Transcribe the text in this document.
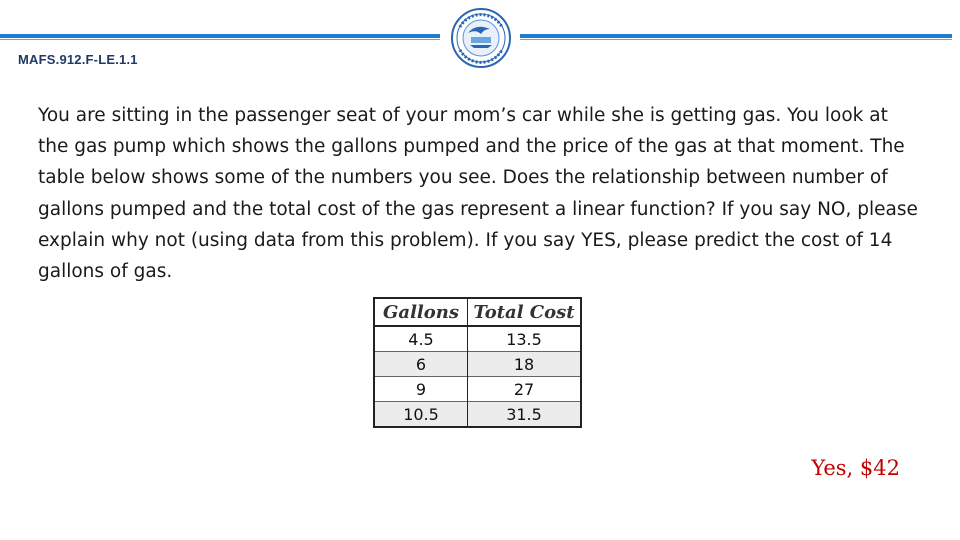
MAFS.912.F-LE.1.1
You are sitting in the passenger seat of your mom’s car while she is getting gas. You look at the gas pump which shows the gallons pumped and the price of the gas at that moment. The table below shows some of the numbers you see. Does the relationship between number of gallons pumped and the total cost of the gas represent a linear function? If you say NO, please explain why not (using data from this problem). If you say YES, please predict the cost of 14 gallons of gas.
Gallons	Total Cost
4.5	13.5
6	18
9	27
10.5	31.5
Yes, $42
